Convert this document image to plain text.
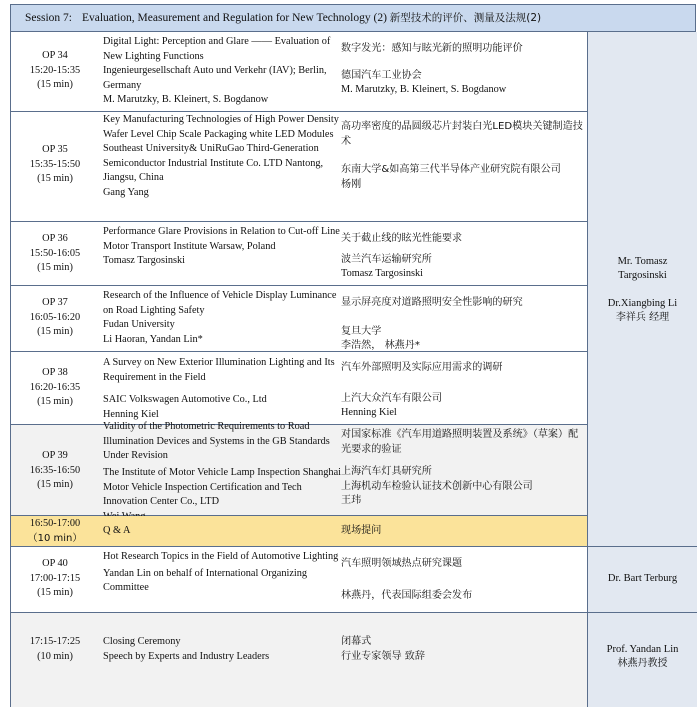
Session 7: Evaluation, Measurement and Regulation for New Technology (2) 新型技术的评价、测量及法规(2)
OP 34
15:20-15:35
(15 min)
Digital Light: Perception and Glare —— Evaluation of New Lighting Functions
Ingenieurgesellschaft Auto und Verkehr (IAV); Berlin, Germany
M. Marutzky, B. Kleinert, S. Bogdanow
数字发光：感知与眩光新的照明功能评价
德国汽车工业协会
M. Marutzky, B. Kleinert, S. Bogdanow
OP 35
15:35-15:50
(15 min)
Key Manufacturing Technologies of High Power Density Wafer Level Chip Scale Packaging white LED Modules
Southeast University& UniRuGao Third-Generation Semiconductor Industrial Institute Co. LTD Nantong, Jiangsu, China
Gang Yang
高功率密度的晶圆级芯片封装白光LED模块关键制造技术
东南大学&如高第三代半导体产业研究院有限公司
杨刚
OP 36
15:50-16:05
(15 min)
Performance Glare Provisions in Relation to Cut-off Line
Motor Transport Institute Warsaw, Poland
Tomasz Targosinski
关于截止线的眩光性能要求
波兰汽车运输研究所
Tomasz Targosinski
OP 37
16:05-16:20
(15 min)
Research of the Influence of Vehicle Display Luminance on Road Lighting Safety
Fudan University
Li Haoran, Yandan Lin*
显示屏亮度对道路照明安全性影响的研究
复旦大学
李浩然， 林燕丹*
OP 38
16:20-16:35
(15 min)
A Survey on New Exterior Illumination Lighting and Its Requirement in the Field
SAIC Volkswagen Automotive Co., Ltd
Henning Kiel
汽车外部照明及实际应用需求的调研
上汽大众汽车有限公司
Henning Kiel
OP 39
16:35-16:50
(15 min)
Validity of the Photometric Requirements to Road Illumination Devices and Systems in the GB Standards Under Revision
The Institute of Motor Vehicle Lamp Inspection Shanghai Motor Vehicle Inspection Certification and Tech Innovation Center Co., LTD
对国家标准《汽车用道路照明装置及系统》（草案）配光要求的验证
上海汽车灯具研究所
上海机动车检验认证技术创新中心有限公司
王玮
16:50-17:00
（10 min）
Q & A	现场提问
OP 40
17:00-17:15
(15 min)
Hot Research Topics in the Field of Automotive Lighting
Yandan Lin on behalf of International Organizing Committee
汽车照明领域热点研究课题
林燕丹，代表国际组委会发布
17:15-17:25
(10 min)
Closing Ceremony
Speech by Experts and Industry Leaders
闭幕式
行业专家领导 致辞
Mr. Tomasz
Targosinski
Dr.Xiangbing Li
李祥兵 经理
Dr. Bart Terburg
Prof. Yandan Lin
林燕丹教授
